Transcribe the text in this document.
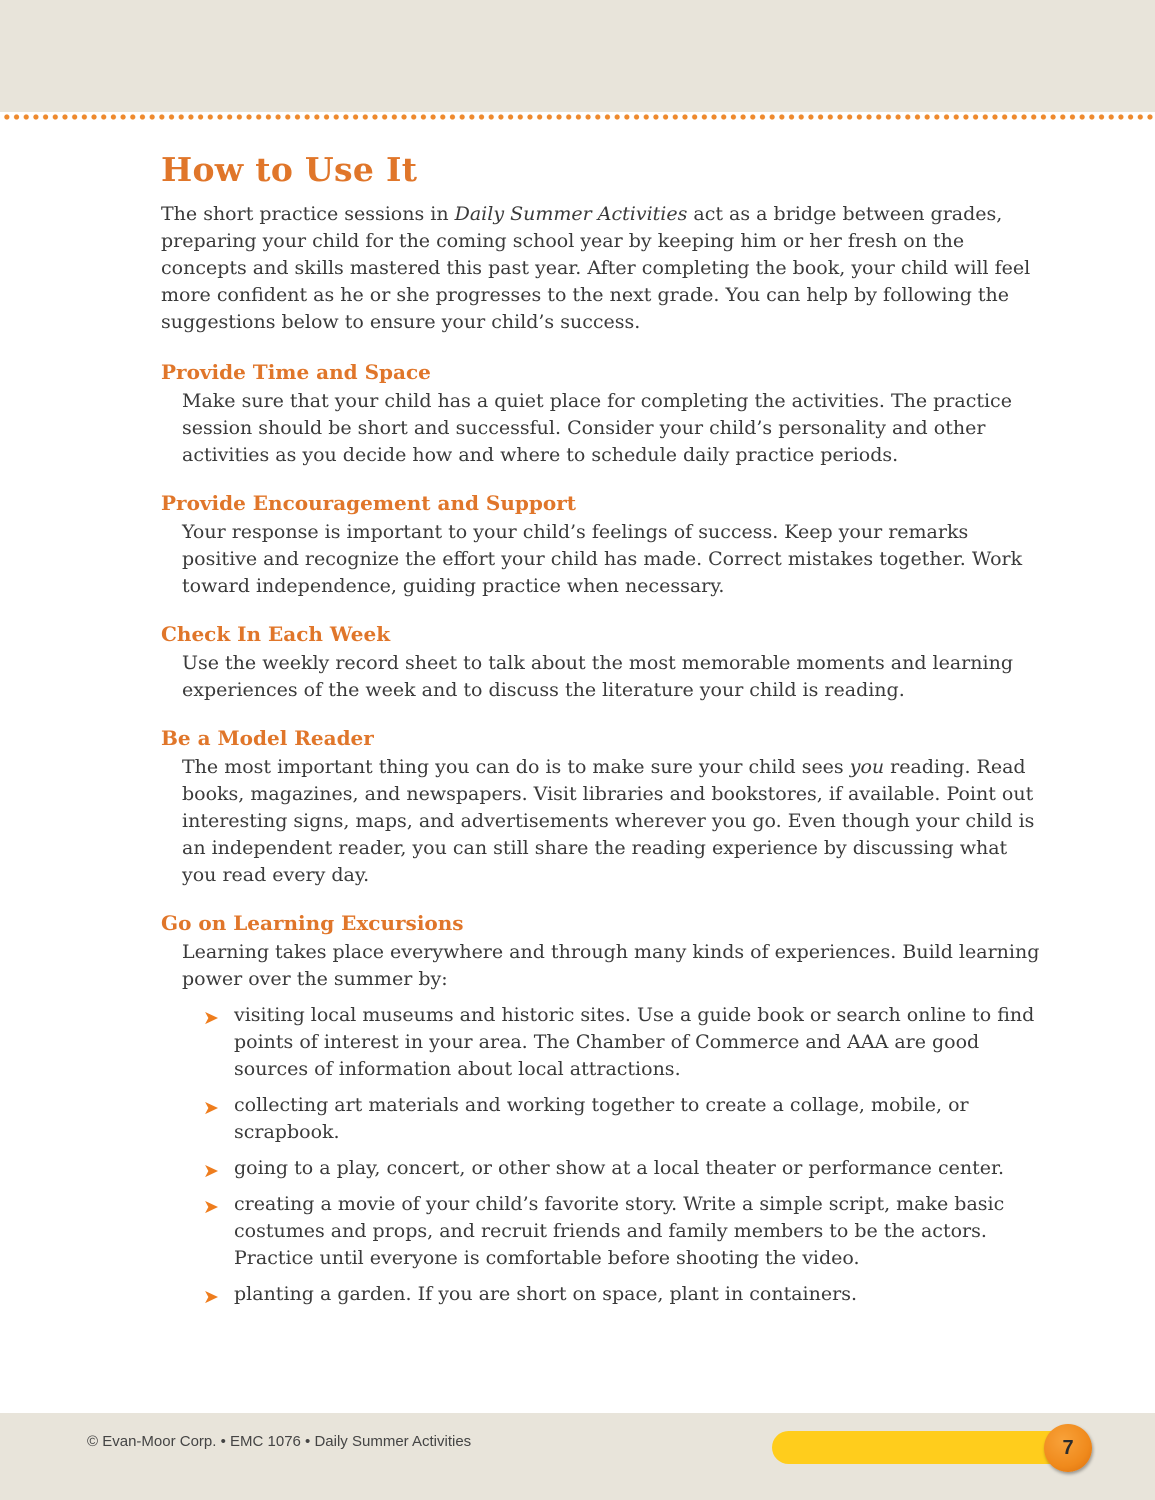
How to Use It

The short practice sessions in Daily Summer Activities act as a bridge between grades, preparing your child for the coming school year by keeping him or her fresh on the concepts and skills mastered this past year. After completing the book, your child will feel more confident as he or she progresses to the next grade. You can help by following the suggestions below to ensure your child’s success.

Provide Time and Space

Make sure that your child has a quiet place for completing the activities. The practice session should be short and successful. Consider your child’s personality and other activities as you decide how and where to schedule daily practice periods.

Provide Encouragement and Support

Your response is important to your child’s feelings of success. Keep your remarks positive and recognize the effort your child has made. Correct mistakes together. Work toward independence, guiding practice when necessary.

Check In Each Week

Use the weekly record sheet to talk about the most memorable moments and learning experiences of the week and to discuss the literature your child is reading.

Be a Model Reader

The most important thing you can do is to make sure your child sees you reading. Read books, magazines, and newspapers. Visit libraries and bookstores, if available. Point out interesting signs, maps, and advertisements wherever you go. Even though your child is an independent reader, you can still share the reading experience by discussing what you read every day.

Go on Learning Excursions

Learning takes place everywhere and through many kinds of experiences. Build learning power over the summer by:

➤ visiting local museums and historic sites. Use a guide book or search online to find points of interest in your area. The Chamber of Commerce and AAA are good sources of information about local attractions.
➤ collecting art materials and working together to create a collage, mobile, or scrapbook.
➤ going to a play, concert, or other show at a local theater or performance center.
➤ creating a movie of your child’s favorite story. Write a simple script, make basic costumes and props, and recruit friends and family members to be the actors. Practice until everyone is comfortable before shooting the video.
➤ planting a garden. If you are short on space, plant in containers.
© Evan-Moor Corp. • EMC 1076 • Daily Summer Activities	7
